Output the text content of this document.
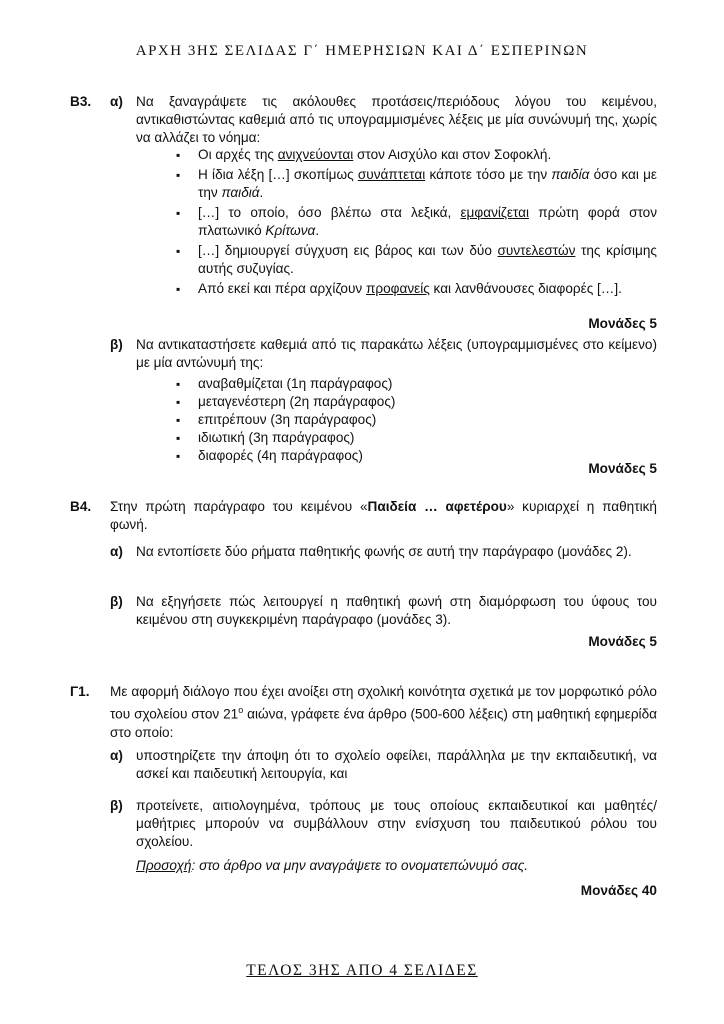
ΑΡΧΗ 3ΗΣ ΣΕΛΙΔΑΣ Γ΄ ΗΜΕΡΗΣΙΩΝ ΚΑΙ Δ΄ ΕΣΠΕΡΙΝΩΝ
Β3. α) Να ξαναγράψετε τις ακόλουθες προτάσεις/περιόδους λόγου του κειμένου, αντικαθιστώντας καθεμιά από τις υπογραμμισμένες λέξεις με μία συνώνυμή της, χωρίς να αλλάζει το νόημα:
▪ Οι αρχές της ανιχνεύονται στον Αισχύλο και στον Σοφοκλή.
▪ Η ίδια λέξη […] σκοπίμως συνάπτεται κάποτε τόσο με την παιδία όσο και με την παιδιά.
▪ […] το οποίο, όσο βλέπω στα λεξικά, εμφανίζεται πρώτη φορά στον πλατωνικό Κρίτωνα.
▪ […] δημιουργεί σύγχυση εις βάρος και των δύο συντελεστών της κρίσιμης αυτής συζυγίας.
▪ Από εκεί και πέρα αρχίζουν προφανείς και λανθάνουσες διαφορές […].
Μονάδες 5
β) Να αντικαταστήσετε καθεμιά από τις παρακάτω λέξεις (υπογραμμισμένες στο κείμενο) με μία αντώνυμή της:
▪ αναβαθμίζεται (1η παράγραφος)
▪ μεταγενέστερη (2η παράγραφος)
▪ επιτρέπουν (3η παράγραφος)
▪ ιδιωτική (3η παράγραφος)
▪ διαφορές (4η παράγραφος)
Μονάδες 5
Β4. Στην πρώτη παράγραφο του κειμένου «Παιδεία … αφετέρου» κυριαρχεί η παθητική φωνή.
α) Να εντοπίσετε δύο ρήματα παθητικής φωνής σε αυτή την παράγραφο (μονάδες 2).
β) Να εξηγήσετε πώς λειτουργεί η παθητική φωνή στη διαμόρφωση του ύφους του κειμένου στη συγκεκριμένη παράγραφο (μονάδες 3).
Μονάδες 5
Γ1. Με αφορμή διάλογο που έχει ανοίξει στη σχολική κοινότητα σχετικά με τον μορφωτικό ρόλο του σχολείου στον $21^o$ αιώνα, γράφετε ένα άρθρο (500-600 λέξεις) στη μαθητική εφημερίδα στο οποίο:
α) υποστηρίζετε την άποψη ότι το σχολείο οφείλει, παράλληλα με την εκπαιδευτική, να ασκεί και παιδευτική λειτουργία, και
β) προτείνετε, αιτιολογημένα, τρόπους με τους οποίους εκπαιδευτικοί και μαθητές/μαθήτριες μπορούν να συμβάλλουν στην ενίσχυση του παιδευτικού ρόλου του σχολείου.
Προσοχή: στο άρθρο να μην αναγράψετε το ονοματεπώνυμό σας.
Μονάδες 40
ΤΕΛΟΣ 3ΗΣ ΑΠΟ 4 ΣΕΛΙΔΕΣ
